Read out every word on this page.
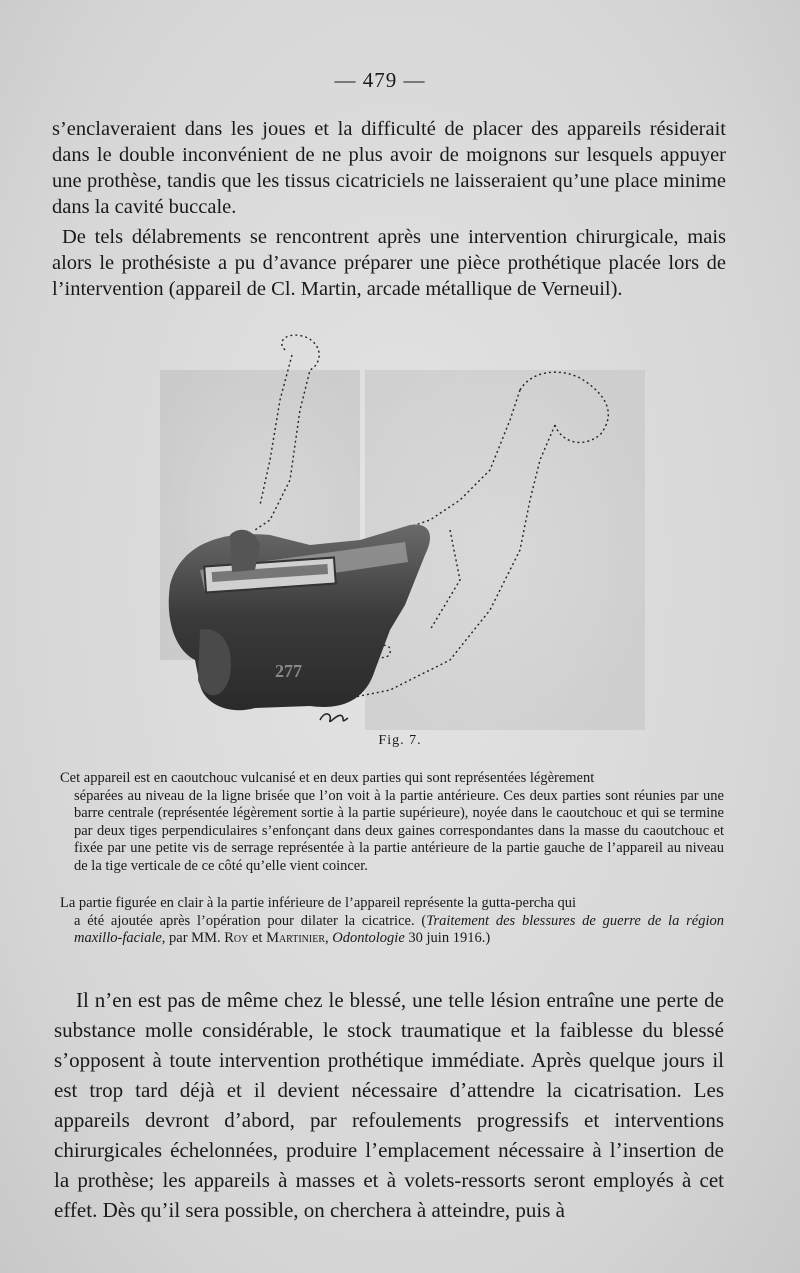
— 479 —

s’enclaveraient dans les joues et la difficulté de placer des appareils résiderait dans le double inconvénient de ne plus avoir de moignons sur lesquels appuyer une prothèse, tandis que les tissus cicatriciels ne laisseraient qu’une place minime dans la cavité buccale.

De tels délabrements se rencontrent après une intervention chirurgicale, mais alors le prothésiste a pu d’avance préparer une pièce prothétique placée lors de l’intervention (appareil de Cl. Martin, arcade métallique de Verneuil).

277
Fig. 7.

Cet appareil est en caoutchouc vulcanisé et en deux parties qui sont représentées légèrement
séparées au niveau de la ligne brisée que l’on voit à la partie antérieure. Ces deux parties sont réunies par une barre centrale (représentée légèrement sortie à la partie supérieure), noyée dans le caoutchouc et qui se termine par deux tiges perpendiculaires s’enfonçant dans deux gaines correspondantes dans la masse du caoutchouc et fixée par une petite vis de serrage représentée à la partie antérieure de la partie gauche de l’appareil au niveau de la tige verticale de ce côté qu’elle vient coincer.

La partie figurée en clair à la partie inférieure de l’appareil représente la gutta-percha qui
a été ajoutée après l’opération pour dilater la cicatrice. (Traitement des blessures de guerre de la région maxillo-faciale, par MM. Roy et Martinier, Odontologie 30 juin 1916.)

Il n’en est pas de même chez le blessé, une telle lésion entraîne une perte de substance molle considérable, le stock traumatique et la faiblesse du blessé s’opposent à toute intervention prothétique immédiate. Après quelque jours il est trop tard déjà et il devient nécessaire d’attendre la cicatrisation. Les appareils devront d’abord, par refoulements progressifs et interventions chirurgicales échelonnées, produire l’emplacement nécessaire à l’insertion de la prothèse; les appareils à masses et à volets-ressorts seront employés à cet effet. Dès qu’il sera possible, on cherchera à atteindre, puis à
